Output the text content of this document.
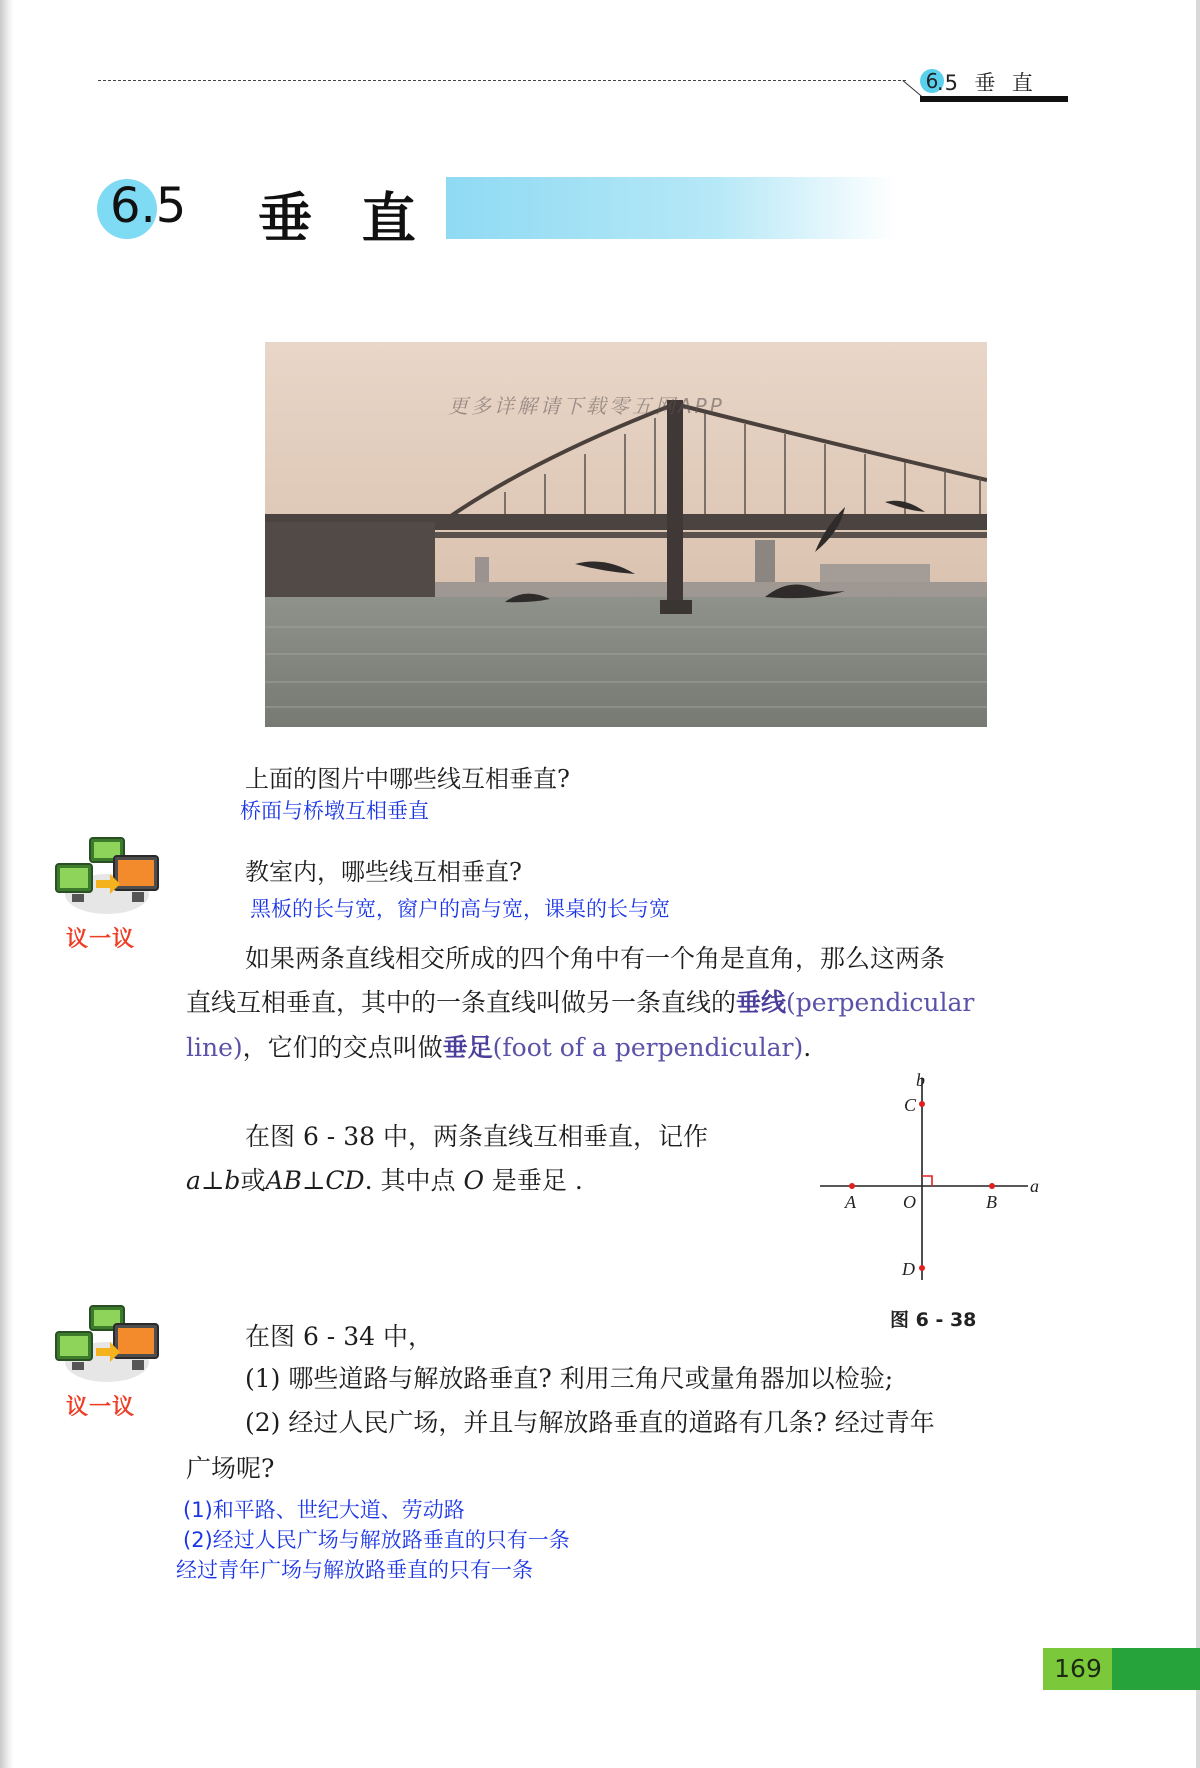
6
.5  垂  直
6.5 垂  直
更多详解请下载零五网APP
上面的图片中哪些线互相垂直?
桥面与桥墩互相垂直
议一议
教室内，哪些线互相垂直?
黑板的长与宽，窗户的高与宽，课桌的长与宽
如果两条直线相交所成的四个角中有一个角是直角，那么这两条
直线互相垂直，其中的一条直线叫做另一条直线的垂线(perpendicular
line)，它们的交点叫做垂足(foot of a perpendicular).
在图 6 - 38 中，两条直线互相垂直，记作
a⊥b或AB⊥CD. 其中点 O 是垂足 .
b
C
a
A	O	B
D
图 6 - 38
议一议
在图 6 - 34 中，
(1) 哪些道路与解放路垂直? 利用三角尺或量角器加以检验;
(2) 经过人民广场，并且与解放路垂直的道路有几条? 经过青年
广场呢?
(1)和平路、世纪大道、劳动路
(2)经过人民广场与解放路垂直的只有一条
经过青年广场与解放路垂直的只有一条
169
